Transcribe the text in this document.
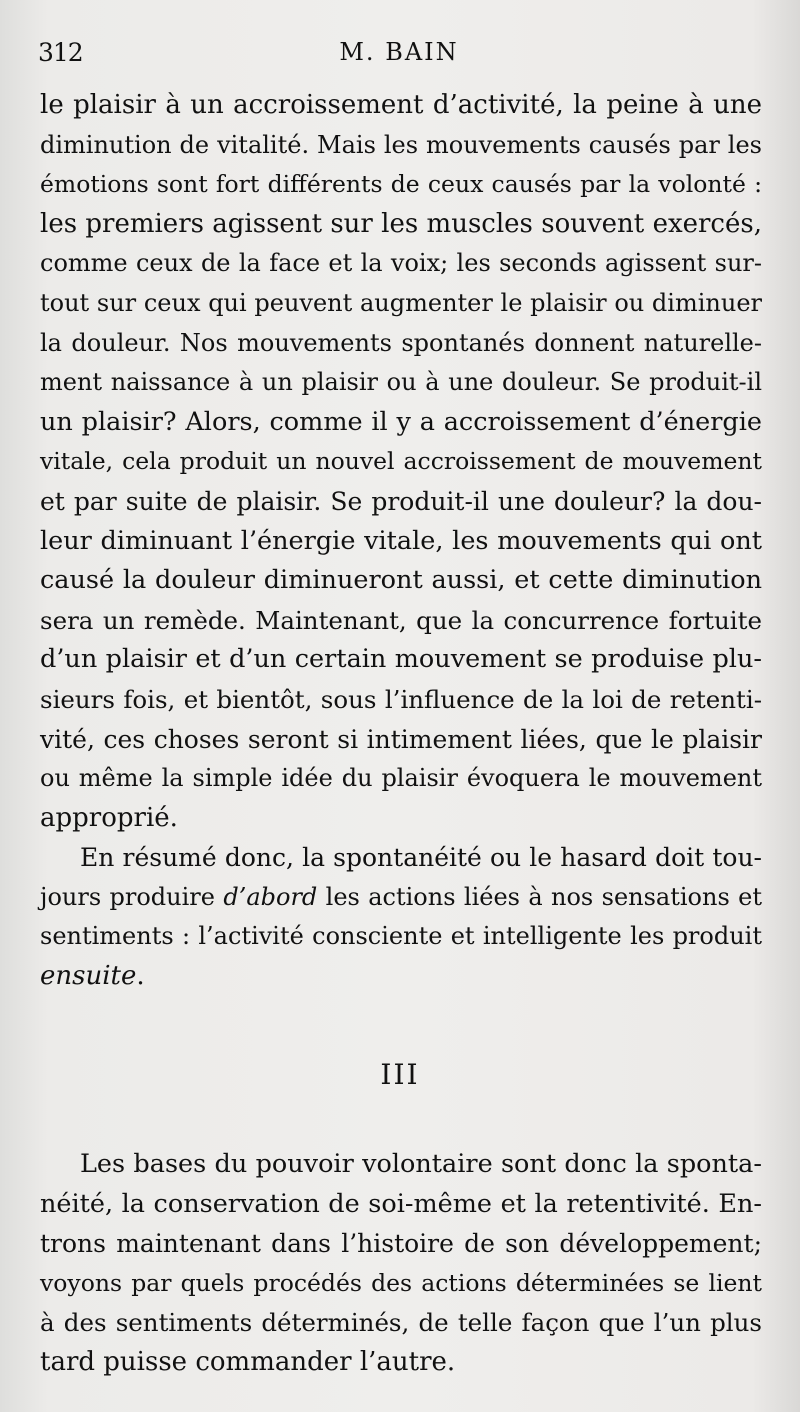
312	M. BAIN
le plaisir à un accroissement d’activité, la peine à une
diminution de vitalité. Mais les mouvements causés par les
émotions sont fort différents de ceux causés par la volonté :
les premiers agissent sur les muscles souvent exercés,
comme ceux de la face et la voix; les seconds agissent sur-
tout sur ceux qui peuvent augmenter le plaisir ou diminuer
la douleur. Nos mouvements spontanés donnent naturelle-
ment naissance à un plaisir ou à une douleur. Se produit-il
un plaisir? Alors, comme il y a accroissement d’énergie
vitale, cela produit un nouvel accroissement de mouvement
et par suite de plaisir. Se produit-il une douleur? la dou-
leur diminuant l’énergie vitale, les mouvements qui ont
causé la douleur diminueront aussi, et cette diminution
sera un remède. Maintenant, que la concurrence fortuite
d’un plaisir et d’un certain mouvement se produise plu-
sieurs fois, et bientôt, sous l’influence de la loi de retenti-
vité, ces choses seront si intimement liées, que le plaisir
ou même la simple idée du plaisir évoquera le mouvement
approprié.
En résumé donc, la spontanéité ou le hasard doit tou-
jours produire d’abord les actions liées à nos sensations et
sentiments : l’activité consciente et intelligente les produit
ensuite.
III
Les bases du pouvoir volontaire sont donc la sponta-
néité, la conservation de soi-même et la retentivité. En-
trons maintenant dans l’histoire de son développement;
voyons par quels procédés des actions déterminées se lient
à des sentiments déterminés, de telle façon que l’un plus
tard puisse commander l’autre.
